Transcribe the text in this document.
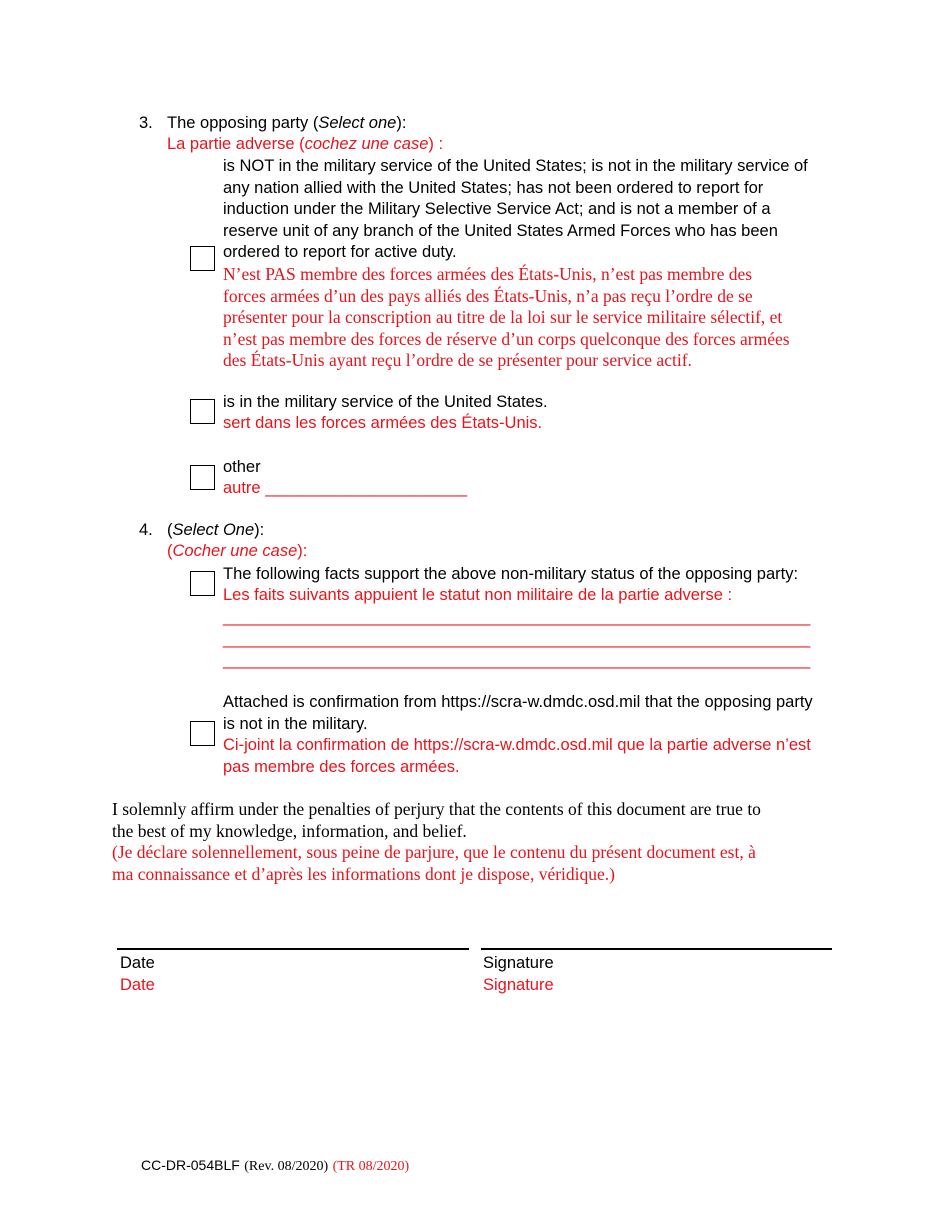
3. The opposing party (Select one):
La partie adverse (cochez une case) :
is NOT in the military service of the United States; is not in the military service of
any nation allied with the United States; has not been ordered to report for
induction under the Military Selective Service Act; and is not a member of a
reserve unit of any branch of the United States Armed Forces who has been
ordered to report for active duty.
N’est PAS membre des forces armées des États-Unis, n’est pas membre des
forces armées d’un des pays alliés des États-Unis, n’a pas reçu l’ordre de se
présenter pour la conscription au titre de la loi sur le service militaire sélectif, et
n’est pas membre des forces de réserve d’un corps quelconque des forces armées
des États-Unis ayant reçu l’ordre de se présenter pour service actif.
is in the military service of the United States.
sert dans les forces armées des États-Unis.
other
autre ______________________
4. (Select One):
(Cocher une case):
The following facts support the above non-military status of the opposing party:
Les faits suivants appuient le statut non militaire de la partie adverse :
________________________________________________________________
________________________________________________________________
________________________________________________________________
Attached is confirmation from https://scra-w.dmdc.osd.mil that the opposing party
is not in the military.
Ci-joint la confirmation de https://scra-w.dmdc.osd.mil que la partie adverse n’est
pas membre des forces armées.
I solemnly affirm under the penalties of perjury that the contents of this document are true to
the best of my knowledge, information, and belief.
(Je déclare solennellement, sous peine de parjure, que le contenu du présent document est, à
ma connaissance et d’après les informations dont je dispose, véridique.)
Date
Date
Signature
Signature
CC-DR-054BLF (Rev. 08/2020) (TR 08/2020)
